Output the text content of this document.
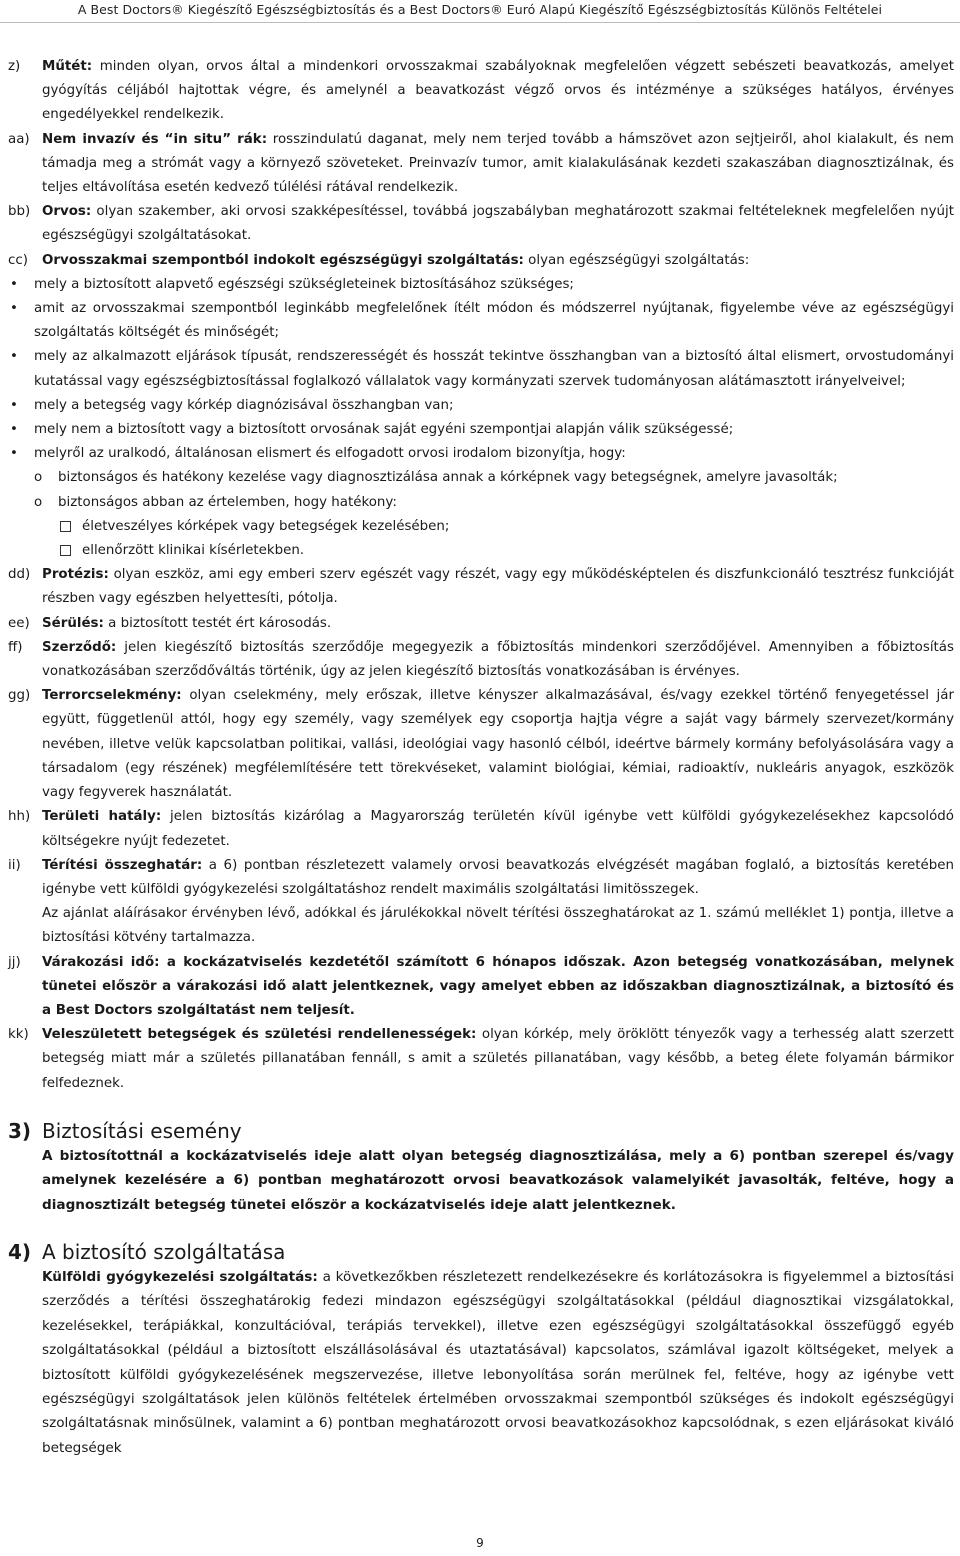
A Best Doctors® Kiegészítő Egészségbiztosítás és a Best Doctors® Euró Alapú Kiegészítő Egészségbiztosítás Különös Feltételei
z) Műtét: minden olyan, orvos által a mindenkori orvosszakmai szabályoknak megfelelően végzett sebészeti beavatkozás, amelyet gyógyítás céljából hajtottak végre, és amelynél a beavatkozást végző orvos és intézménye a szükséges hatályos, érvényes engedélyekkel rendelkezik.
aa) Nem invazív és “in situ” rák: rosszindulatú daganat, mely nem terjed tovább a hámszövet azon sejtjeiről, ahol kialakult, és nem támadja meg a strómát vagy a környező szöveteket. Preinvazív tumor, amit kialakulásának kezdeti szakaszában diagnosztizálnak, és teljes eltávolítása esetén kedvező túlélési rátával rendelkezik.
bb) Orvos: olyan szakember, aki orvosi szakképesítéssel, továbbá jogszabályban meghatározott szakmai feltételeknek megfelelően nyújt egészségügyi szolgáltatásokat.
cc) Orvosszakmai szempontból indokolt egészségügyi szolgáltatás: olyan egészségügyi szolgáltatás:
• mely a biztosított alapvető egészségi szükségleteinek biztosításához szükséges;
• amit az orvosszakmai szempontból leginkább megfelelőnek ítélt módon és módszerrel nyújtanak, figyelembe véve az egészségügyi szolgáltatás költségét és minőségét;
• mely az alkalmazott eljárások típusát, rendszerességét és hosszát tekintve összhangban van a biztosító által elismert, orvostudományi kutatással vagy egészségbiztosítással foglalkozó vállalatok vagy kormányzati szervek tudományosan alátámasztott irányelveivel;
• mely a betegség vagy kórkép diagnózisával összhangban van;
• mely nem a biztosított vagy a biztosított orvosának saját egyéni szempontjai alapján válik szükségessé;
• melyről az uralkodó, általánosan elismert és elfogadott orvosi irodalom bizonyítja, hogy:
o biztonságos és hatékony kezelése vagy diagnosztizálása annak a kórképnek vagy betegségnek, amelyre javasolták;
o biztonságos abban az értelemben, hogy hatékony:
életveszélyes kórképek vagy betegségek kezelésében;
ellenőrzött klinikai kísérletekben.
dd) Protézis: olyan eszköz, ami egy emberi szerv egészét vagy részét, vagy egy működésképtelen és diszfunkcionáló tesztrész funkcióját részben vagy egészben helyettesíti, pótolja.
ee) Sérülés: a biztosított testét ért károsodás.
ff) Szerződő: jelen kiegészítő biztosítás szerződője megegyezik a főbiztosítás mindenkori szerződőjével. Amennyiben a főbiztosítás vonatkozásában szerződőváltás történik, úgy az jelen kiegészítő biztosítás vonatkozásában is érvényes.
gg) Terrorcselekmény: olyan cselekmény, mely erőszak, illetve kényszer alkalmazásával, és/vagy ezekkel történő fenyegetéssel jár együtt, függetlenül attól, hogy egy személy, vagy személyek egy csoportja hajtja végre a saját vagy bármely szervezet/kormány nevében, illetve velük kapcsolatban politikai, vallási, ideológiai vagy hasonló célból, ideértve bármely kormány befolyásolására vagy a társadalom (egy részének) megfélemlítésére tett törekvéseket, valamint biológiai, kémiai, radioaktív, nukleáris anyagok, eszközök vagy fegyverek használatát.
hh) Területi hatály: jelen biztosítás kizárólag a Magyarország területén kívül igénybe vett külföldi gyógykezelésekhez kapcsolódó költségekre nyújt fedezetet.
ii) Térítési összeghatár: a 6) pontban részletezett valamely orvosi beavatkozás elvégzését magában foglaló, a biztosítás keretében igénybe vett külföldi gyógykezelési szolgáltatáshoz rendelt maximális szolgáltatási limitösszegek.
Az ajánlat aláírásakor érvényben lévő, adókkal és járulékokkal növelt térítési összeghatárokat az 1. számú melléklet 1) pontja, illetve a biztosítási kötvény tartalmazza.
jj) Várakozási idő: a kockázatviselés kezdetétől számított 6 hónapos időszak. Azon betegség vonatkozásában, melynek tünetei először a várakozási idő alatt jelentkeznek, vagy amelyet ebben az időszakban diagnosztizálnak, a biztosító és a Best Doctors szolgáltatást nem teljesít.
kk) Veleszületett betegségek és születési rendellenességek: olyan kórkép, mely öröklött tényezők vagy a terhesség alatt szerzett betegség miatt már a születés pillanatában fennáll, s amit a születés pillanatában, vagy később, a beteg élete folyamán bármikor felfedeznek.
3) Biztosítási esemény
A biztosítottnál a kockázatviselés ideje alatt olyan betegség diagnosztizálása, mely a 6) pontban szerepel és/vagy amelynek kezelésére a 6) pontban meghatározott orvosi beavatkozások valamelyikét javasolták, feltéve, hogy a diagnosztizált betegség tünetei először a kockázatviselés ideje alatt jelentkeznek.
4) A biztosító szolgáltatása
Külföldi gyógykezelési szolgáltatás: a következőkben részletezett rendelkezésekre és korlátozásokra is figyelemmel a biztosítási szerződés a térítési összeghatárokig fedezi mindazon egészségügyi szolgáltatásokkal (például diagnosztikai vizsgálatokkal, kezelésekkel, terápiákkal, konzultációval, terápiás tervekkel), illetve ezen egészségügyi szolgáltatásokkal összefüggő egyéb szolgáltatásokkal (például a biztosított elszállásolásával és utaztatásával) kapcsolatos, számlával igazolt költségeket, melyek a biztosított külföldi gyógykezelésének megszervezése, illetve lebonyolítása során merülnek fel, feltéve, hogy az igénybe vett egészségügyi szolgáltatások jelen különös feltételek értelmében orvosszakmai szempontból szükséges és indokolt egészségügyi szolgáltatásnak minősülnek, valamint a 6) pontban meghatározott orvosi beavatkozásokhoz kapcsolódnak, s ezen eljárásokat kiváló betegségek
9
